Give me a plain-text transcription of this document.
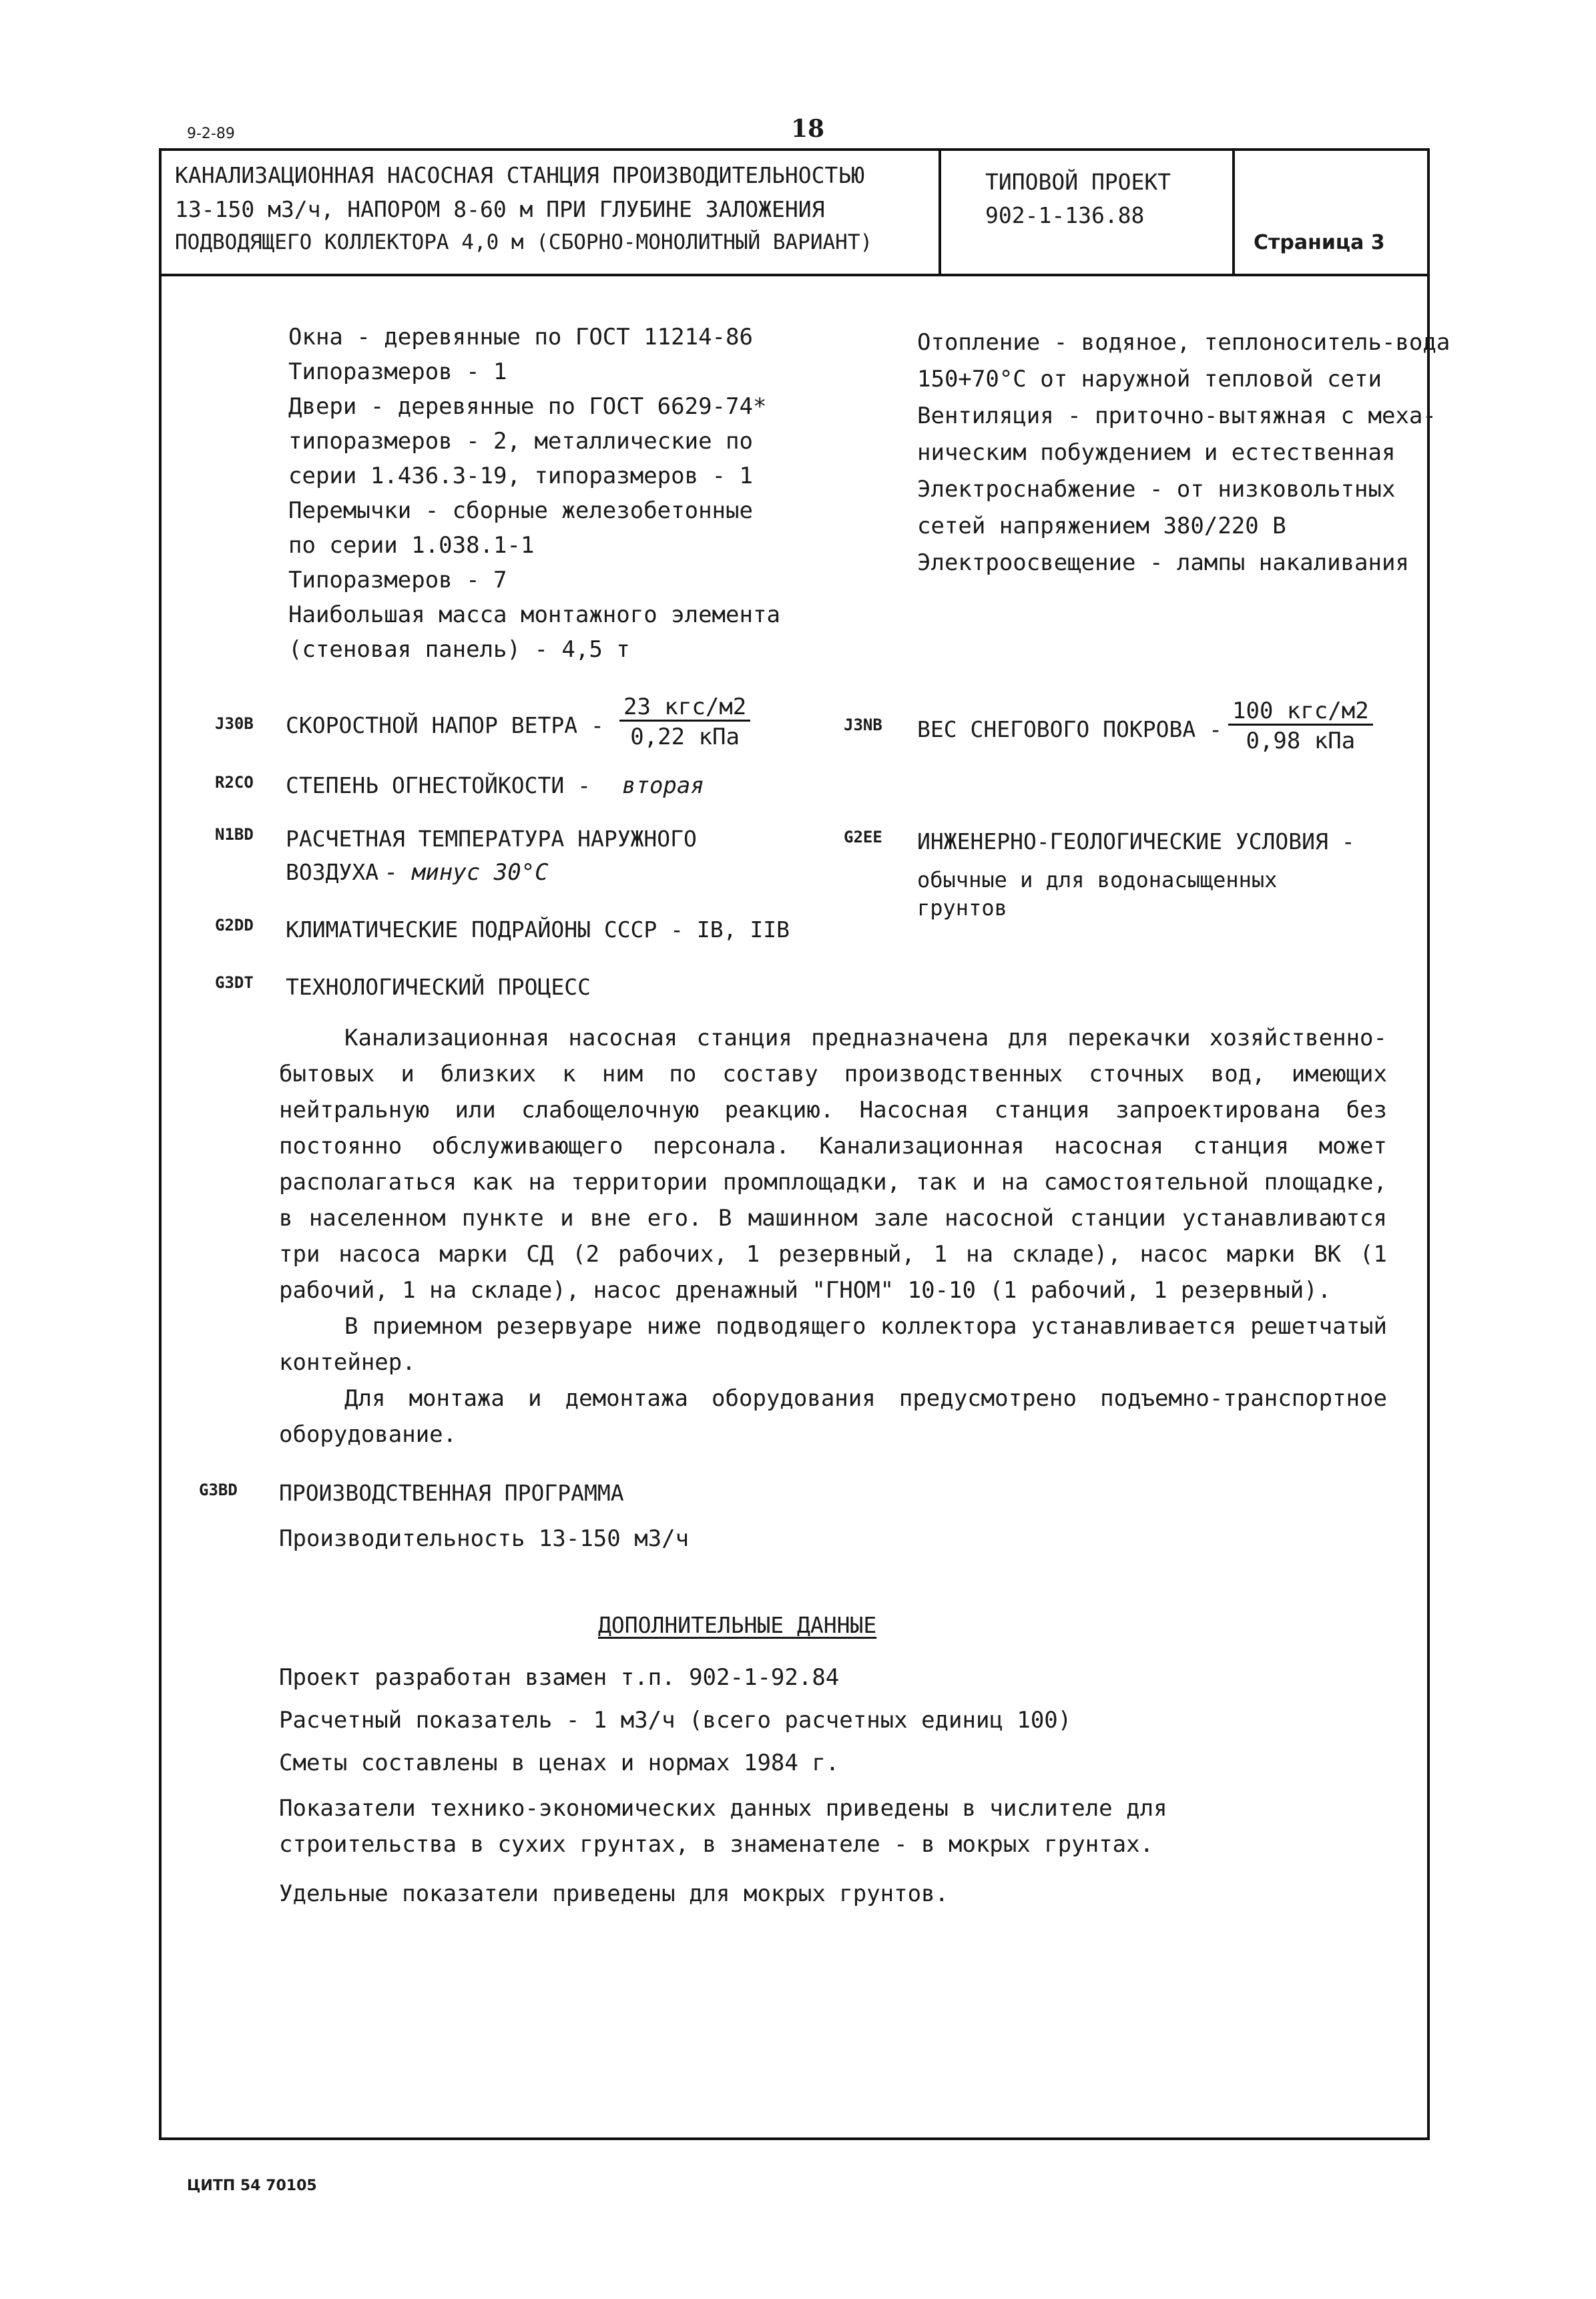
9-2-89	18
КАНАЛИЗАЦИОННАЯ НАСОСНАЯ СТАНЦИЯ ПРОИЗВОДИТЕЛЬНОСТЬЮ
13-150 м3/ч, НАПОРОМ 8-60 м ПРИ ГЛУБИНЕ ЗАЛОЖЕНИЯ
ПОДВОДЯЩЕГО КОЛЛЕКТОРА 4,0 м (СБОРНО-МОНОЛИТНЫЙ ВАРИАНТ)
ТИПОВОЙ ПРОЕКТ
902-1-136.88
Страница 3
Окна - деревянные по ГОСТ 11214-86
Типоразмеров - 1
Двери - деревянные по ГОСТ 6629-74*
типоразмеров - 2, металлические по
серии 1.436.3-19, типоразмеров - 1
Перемычки - сборные железобетонные
по серии 1.038.1-1
Типоразмеров - 7
Наибольшая масса монтажного элемента
(стеновая панель) - 4,5 т
Отопление - водяное, теплоноситель-вода
150+70°С от наружной тепловой сети
Вентиляция - приточно-вытяжная с меха-
ническим побуждением и естественная
Электроснабжение - от низковольтных
сетей напряжением 380/220 В
Электроосвещение - лампы накаливания
J30B СКОРОСТНОЙ НАПОР ВЕТРА -
23 кгс/м2
0,22 кПа	J3NB ВЕС СНЕГОВОГО ПОКРОВА -
100 кгс/м2
0,98 кПа
R2CO СТЕПЕНЬ ОГНЕСТОЙКОСТИ - вторая
N1BD РАСЧЕТНАЯ ТЕМПЕРАТУРА НАРУЖНОГО
ВОЗДУХА - минус 30°С
G2EE ИНЖЕНЕРНО-ГЕОЛОГИЧЕСКИЕ УСЛОВИЯ -
обычные и для водонасыщенных
грунтов
G2DD КЛИМАТИЧЕСКИЕ ПОДРАЙОНЫ СССР - IВ, IIВ
G3DT ТЕХНОЛОГИЧЕСКИЙ ПРОЦЕСС
Канализационная насосная станция предназначена для перекачки хозяйственно-бытовых и близких к ним по составу производственных сточных вод, имеющих нейтральную или слабощелочную реакцию. Насосная станция запроектирована без постоянно обслуживающего персонала. Канализационная насосная станция может располагаться как на территории промплощадки, так и на самостоятельной площадке, в населенном пункте и вне его. В машинном зале насосной станции устанавливаются три насоса марки СД (2 рабочих, 1 резервный, 1 на складе), насос марки ВК (1 рабочий, 1 на складе), насос дренажный "ГНОМ" 10-10 (1 рабочий, 1 резервный).
В приемном резервуаре ниже подводящего коллектора устанавливается решетчатый контейнер.
Для монтажа и демонтажа оборудования предусмотрено подъемно-транспортное оборудование.
G3BD ПРОИЗВОДСТВЕННАЯ ПРОГРАММА
Производительность 13-150 м3/ч
ДОПОЛНИТЕЛЬНЫЕ ДАННЫЕ
Проект разработан взамен т.п. 902-1-92.84
Расчетный показатель - 1 м3/ч (всего расчетных единиц 100)
Сметы составлены в ценах и нормах 1984 г.
Показатели технико-экономических данных приведены в числителе для строительства в сухих грунтах, в знаменателе - в мокрых грунтах.
Удельные показатели приведены для мокрых грунтов.
ЦИТП 54 70105
